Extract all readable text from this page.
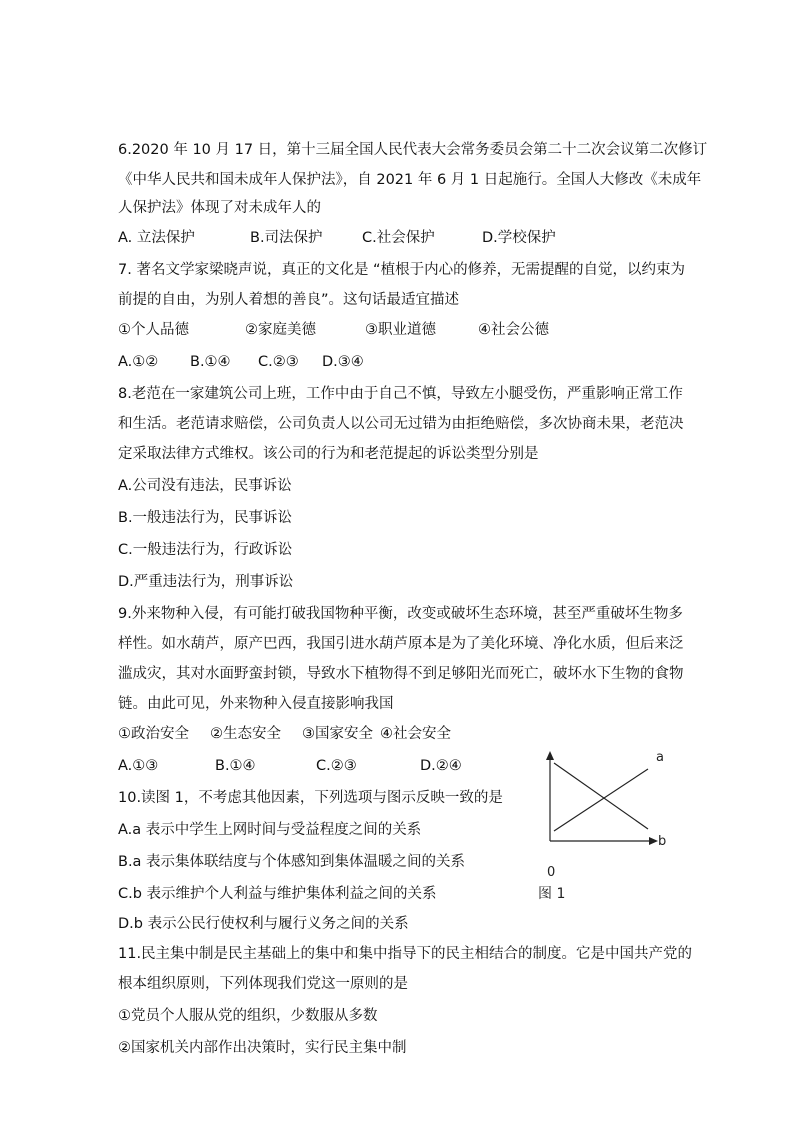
6.2020 年 10 月 17 日，第十三届全国人民代表大会常务委员会第二十二次会议第二次修订
《中华人民共和国未成年人保护法》，自 2021 年 6 月 1 日起施行。全国人大修改《未成年
人保护法》体现了对未成年人的
A. 立法保护	B.司法保护	C.社会保护	D.学校保护
7. 著名文学家梁晓声说，真正的文化是 “植根于内心的修养，无需提醒的自觉，以约束为
前提的自由，为别人着想的善良”。这句话最适宜描述
①个人品德	②家庭美德	③职业道德	④社会公德
A.①② B.①④ C.②③ D.③④
8.老范在一家建筑公司上班，工作中由于自己不慎，导致左小腿受伤，严重影响正常工作
和生活。老范请求赔偿，公司负责人以公司无过错为由拒绝赔偿，多次协商未果，老范决
定采取法律方式维权。该公司的行为和老范提起的诉讼类型分别是
A.公司没有违法，民事诉讼
B.一般违法行为，民事诉讼
C.一般违法行为，行政诉讼
D.严重违法行为，刑事诉讼
9.外来物种入侵，有可能打破我国物种平衡，改变或破坏生态环境，甚至严重破坏生物多
样性。如水葫芦，原产巴西，我国引进水葫芦原本是为了美化环境、净化水质，但后来泛
滥成灾，其对水面野蛮封锁，导致水下植物得不到足够阳光而死亡，破坏水下生物的食物
链。由此可见，外来物种入侵直接影响我国
①政治安全 ②生态安全 ③国家安全 ④社会安全
A.①③	B.①④	C.②③	D.②④
10.读图 1，不考虑其他因素，下列选项与图示反映一致的是
A.a 表示中学生上网时间与受益程度之间的关系
B.a 表示集体联结度与个体感知到集体温暖之间的关系
C.b 表示维护个人利益与维护集体利益之间的关系
D.b 表示公民行使权利与履行义务之间的关系
a
b
0
图 1
11.民主集中制是民主基础上的集中和集中指导下的民主相结合的制度。它是中国共产党的
根本组织原则，下列体现我们党这一原则的是
①党员个人服从党的组织，少数服从多数
②国家机关内部作出决策时，实行民主集中制
